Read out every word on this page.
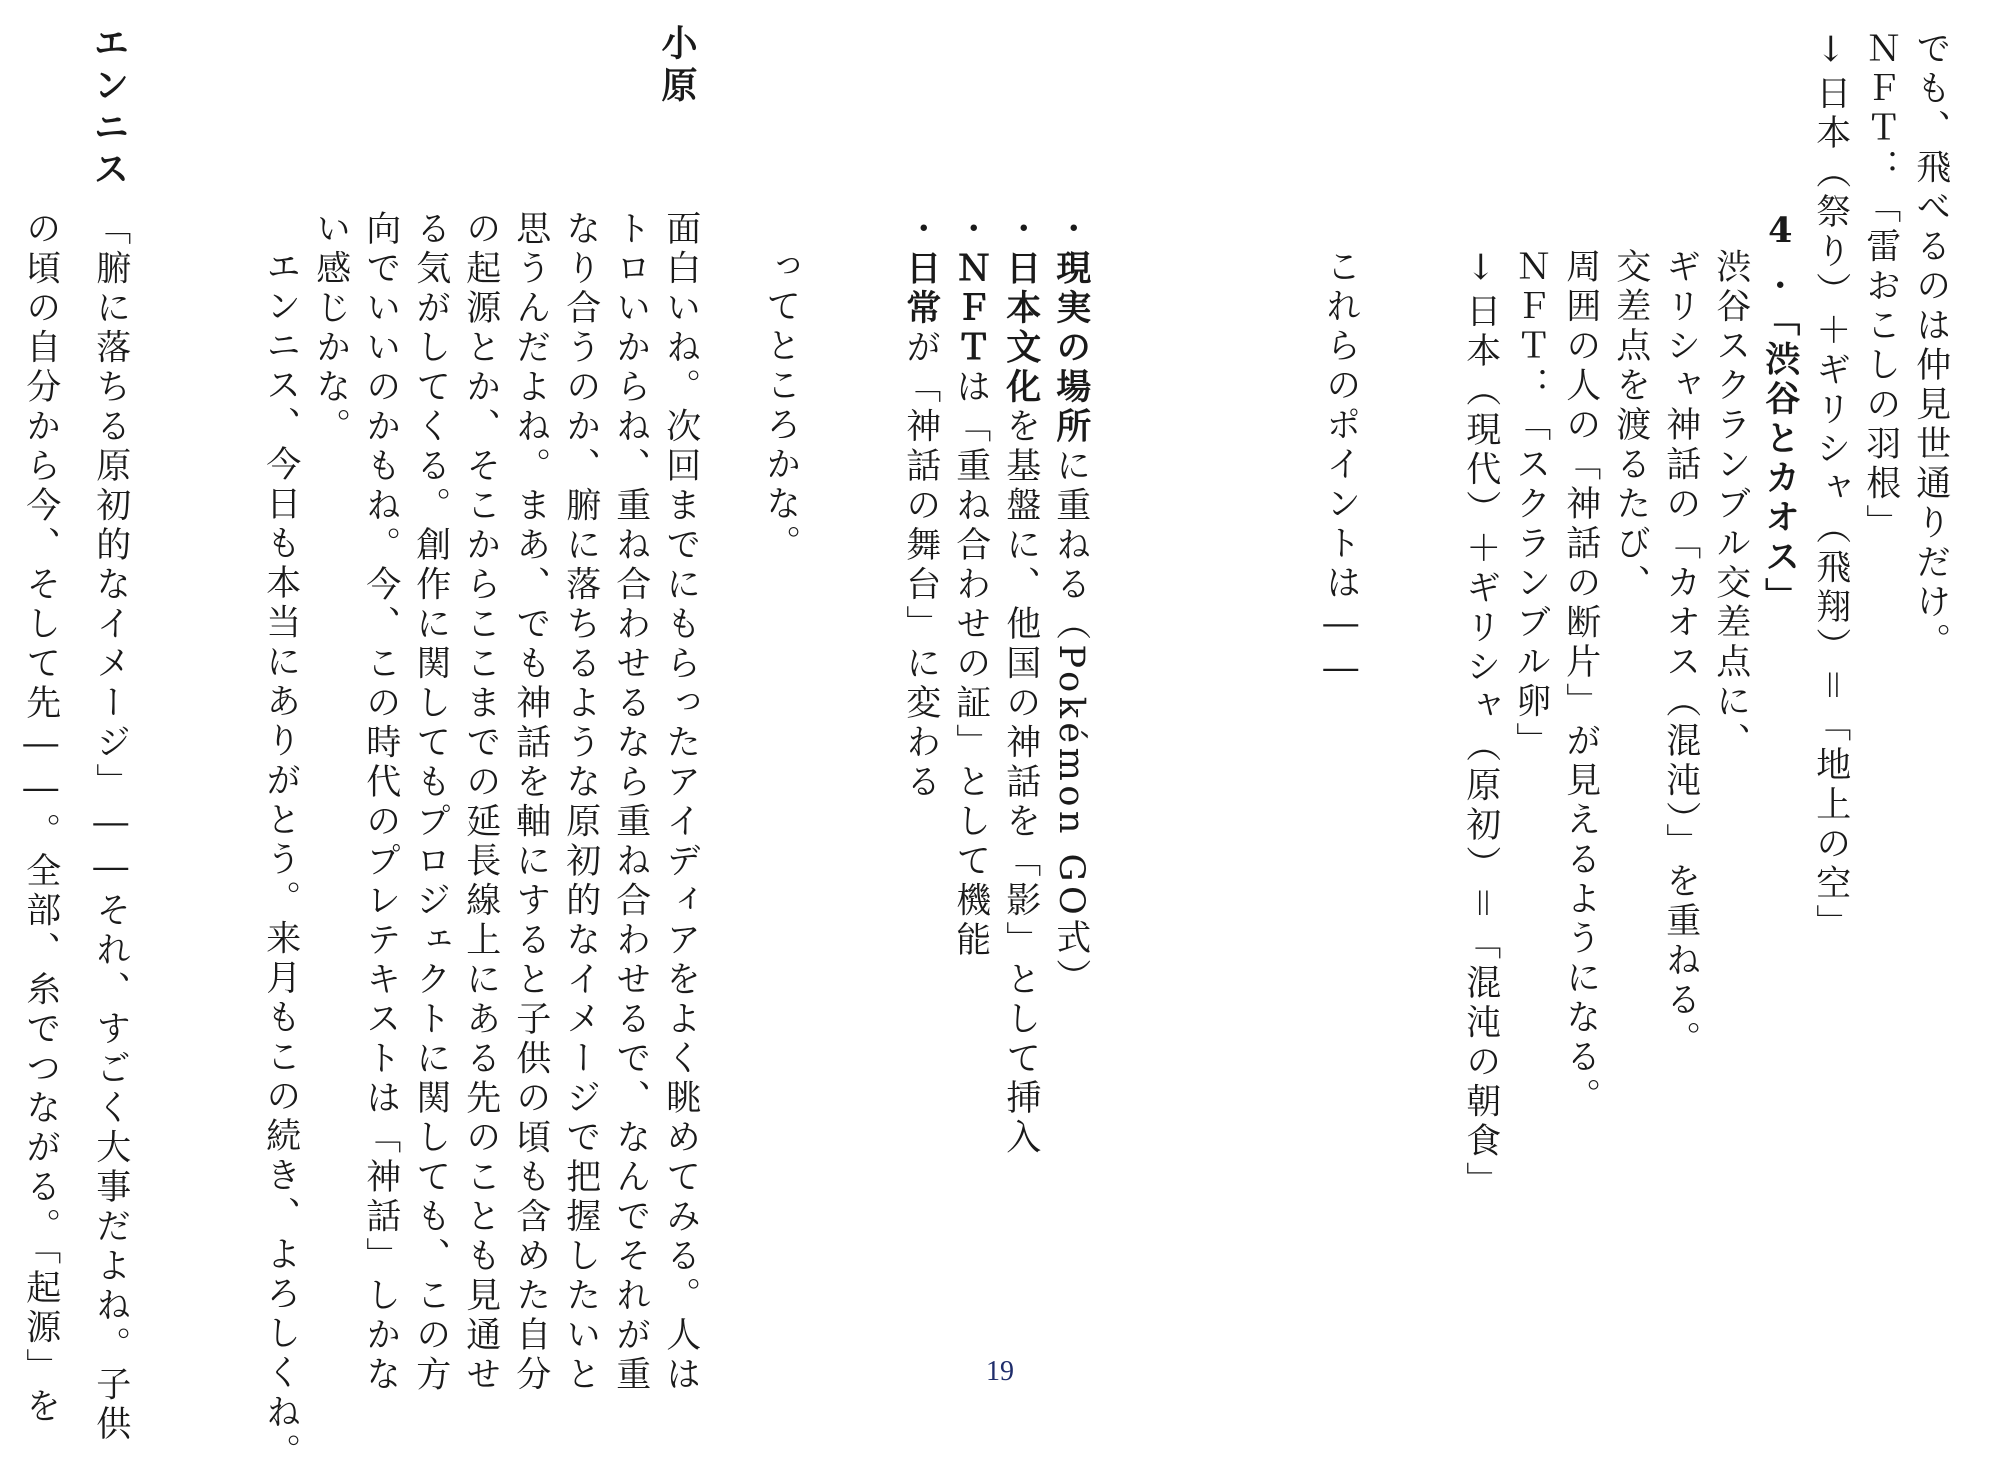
でも、飛べるのは仲見世通りだけ。
ＮＦＴ：「雷おこしの羽根」
↓日本（祭り）＋ギリシャ（飛翔）＝「地上の空」
4.「渋谷とカオス」
渋谷スクランブル交差点に、
ギリシャ神話の「カオス（混沌）」を重ねる。
交差点を渡るたび、
周囲の人の「神話の断片」が見えるようになる。
ＮＦＴ：「スクランブル卵」
↓日本（現代）＋ギリシャ（原初）＝「混沌の朝食」
これらのポイントは――
・現実の場所に重ねる（Pokémon GO式）
・日本文化を基盤に、他国の神話を「影」として挿入
・ＮＦＴは「重ね合わせの証」として機能
・日常が「神話の舞台」に変わる
ってところかな。
小原
面白いね。次回までにもらったアイディアをよく眺めてみる。人は
トロいからね、重ね合わせるなら重ね合わせるで、なんでそれが重
なり合うのか、腑に落ちるような原初的なイメージで把握したいと
思うんだよね。まあ、でも神話を軸にすると子供の頃も含めた自分
の起源とか、そこからここまでの延長線上にある先のことも見通せ
る気がしてくる。創作に関してもプロジェクトに関しても、この方
向でいいのかもね。今、この時代のプレテキストは「神話」しかな
い感じかな。
エンニス、今日も本当にありがとう。来月もこの続き、よろしくね。
エンニス
「腑に落ちる原初的なイメージ」――それ、すごく大事だよね。子供
の頃の自分から今、そして先――。全部、糸でつながる。「起源」を	19
